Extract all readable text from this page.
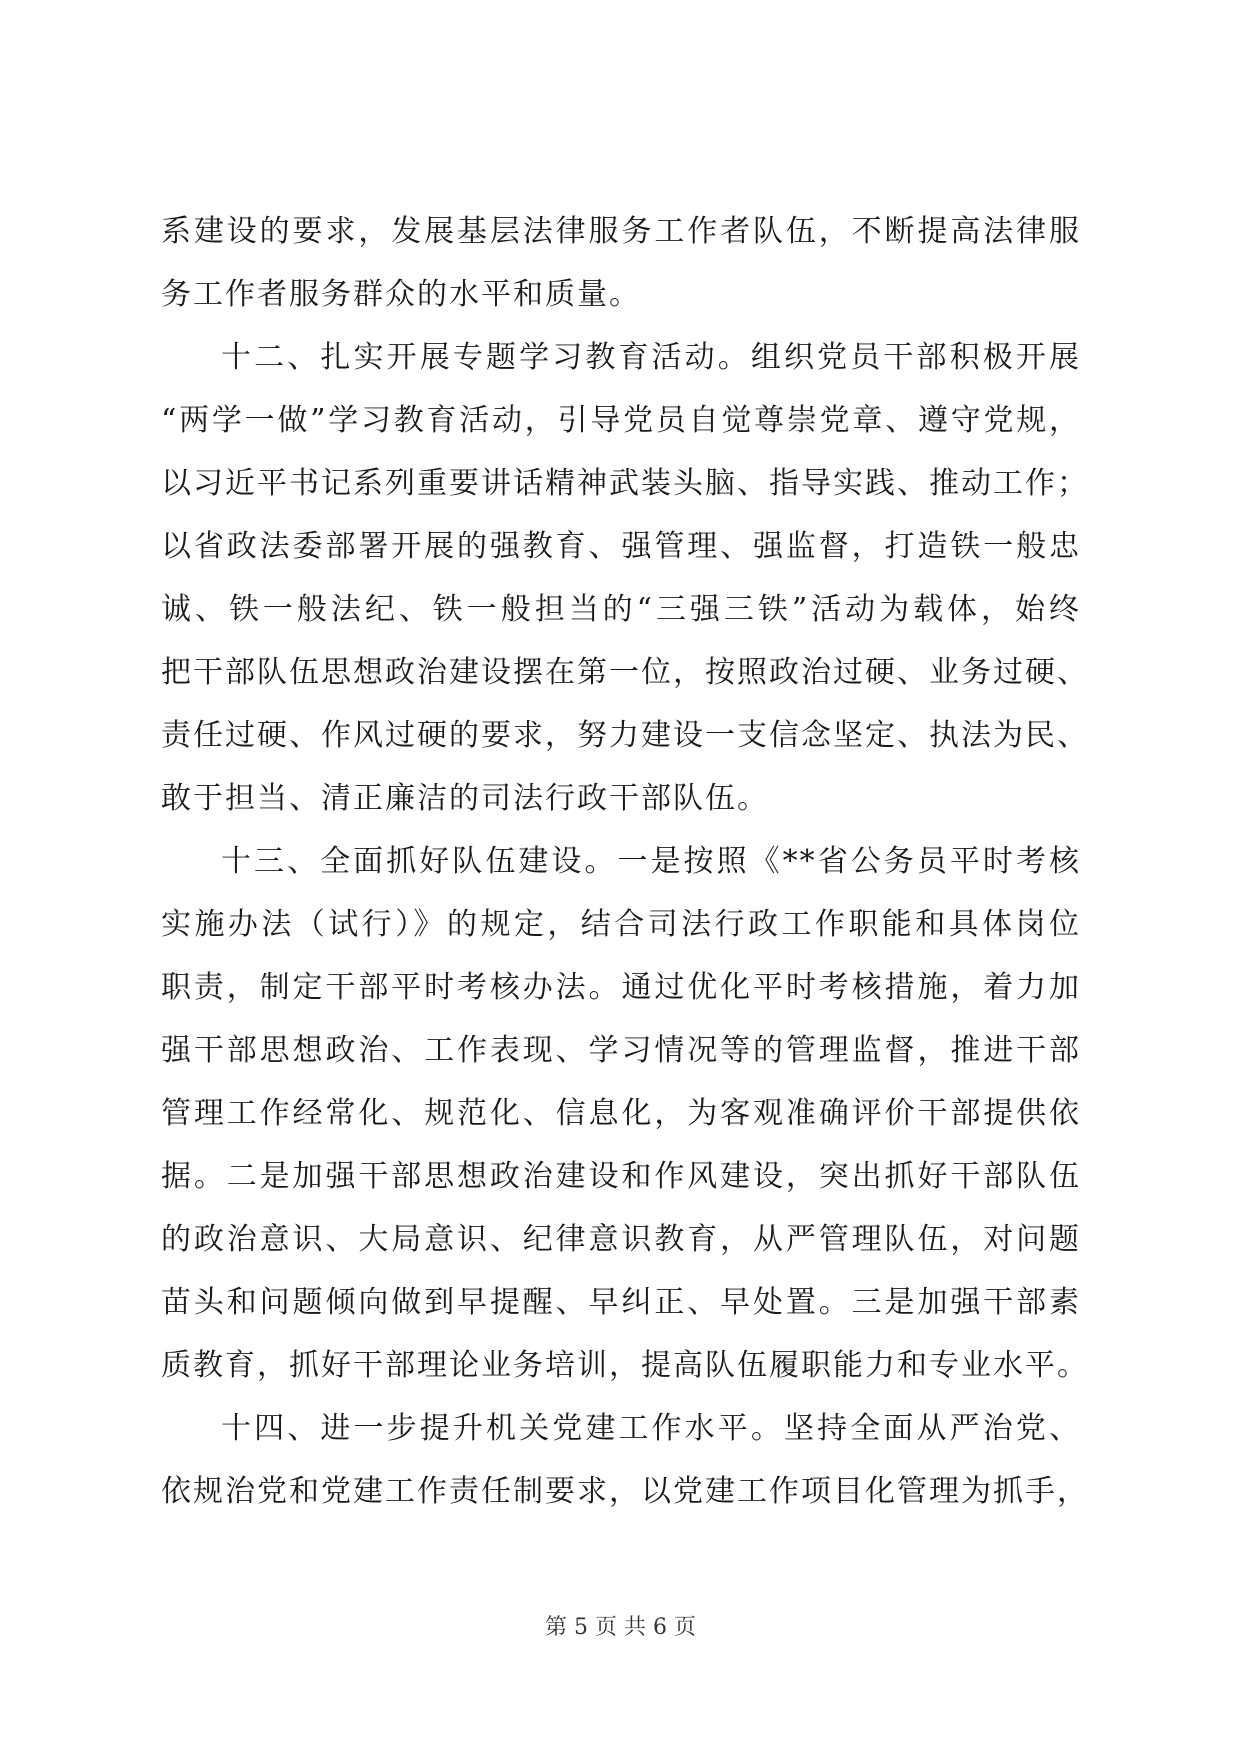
系建设的要求，发展基层法律服务工作者队伍，不断提高法律服
务工作者服务群众的水平和质量。
十二、扎实开展专题学习教育活动。组织党员干部积极开展
“两学一做”学习教育活动，引导党员自觉尊崇党章、遵守党规，
以习近平书记系列重要讲话精神武装头脑、指导实践、推动工作；
以省政法委部署开展的强教育、强管理、强监督，打造铁一般忠
诚、铁一般法纪、铁一般担当的“三强三铁”活动为载体，始终
把干部队伍思想政治建设摆在第一位，按照政治过硬、业务过硬、
责任过硬、作风过硬的要求，努力建设一支信念坚定、执法为民、
敢于担当、清正廉洁的司法行政干部队伍。
十三、全面抓好队伍建设。一是按照《**省公务员平时考核
实施办法（试行）》的规定，结合司法行政工作职能和具体岗位
职责，制定干部平时考核办法。通过优化平时考核措施，着力加
强干部思想政治、工作表现、学习情况等的管理监督，推进干部
管理工作经常化、规范化、信息化，为客观准确评价干部提供依
据。二是加强干部思想政治建设和作风建设，突出抓好干部队伍
的政治意识、大局意识、纪律意识教育，从严管理队伍，对问题
苗头和问题倾向做到早提醒、早纠正、早处置。三是加强干部素
质教育，抓好干部理论业务培训，提高队伍履职能力和专业水平。
十四、进一步提升机关党建工作水平。坚持全面从严治党、
依规治党和党建工作责任制要求，以党建工作项目化管理为抓手，
第 5 页 共 6 页
